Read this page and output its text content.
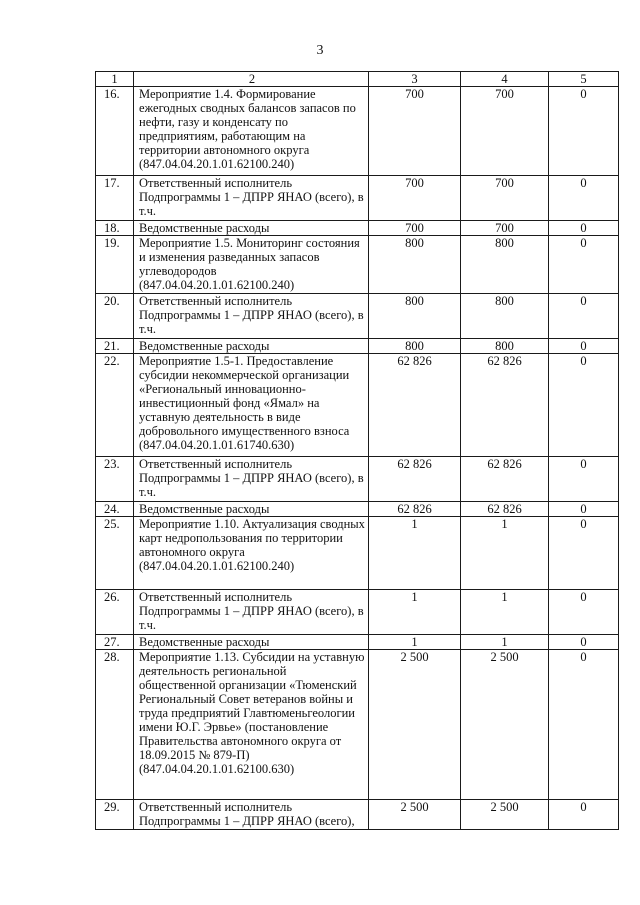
3
1	2	3	4	5
16.	Мероприятие 1.4. Формирование ежегодных сводных балансов запасов по нефти, газу и конденсату по предприятиям, работающим на территории автономного округа (847.04.04.20.1.01.62100.240)	700	700	0
17.	Ответственный исполнитель Подпрограммы 1 – ДПРР ЯНАО (всего), в т.ч.	700	700	0
18.	Ведомственные расходы	700	700	0
19.	Мероприятие 1.5. Мониторинг состояния и изменения разведанных запасов углеводородов (847.04.04.20.1.01.62100.240)	800	800	0
20.	Ответственный исполнитель Подпрограммы 1 – ДПРР ЯНАО (всего), в т.ч.	800	800	0
21.	Ведомственные расходы	800	800	0
22.	Мероприятие 1.5-1. Предоставление субсидии некоммерческой организации «Региональный инновационно-инвестиционный фонд «Ямал» на уставную деятельность в виде добровольного имущественного взноса (847.04.04.20.1.01.61740.630)	62 826	62 826	0
23.	Ответственный исполнитель Подпрограммы 1 – ДПРР ЯНАО (всего), в т.ч.	62 826	62 826	0
24.	Ведомственные расходы	62 826	62 826	0
25.	Мероприятие 1.10. Актуализация сводных карт недропользования по территории автономного округа (847.04.04.20.1.01.62100.240)	1	1	0
26.	Ответственный исполнитель Подпрограммы 1 – ДПРР ЯНАО (всего), в т.ч.	1	1	0
27.	Ведомственные расходы	1	1	0
28.	Мероприятие 1.13. Субсидии на уставную деятельность региональной общественной организации «Тюменский Региональный Совет ветеранов войны и труда предприятий Главтюменьгеологии имени Ю.Г. Эрвье» (постановление Правительства автономного округа от 18.09.2015 № 879-П) (847.04.04.20.1.01.62100.630)	2 500	2 500	0
29.	Ответственный исполнитель Подпрограммы 1 – ДПРР ЯНАО (всего),	2 500	2 500	0
